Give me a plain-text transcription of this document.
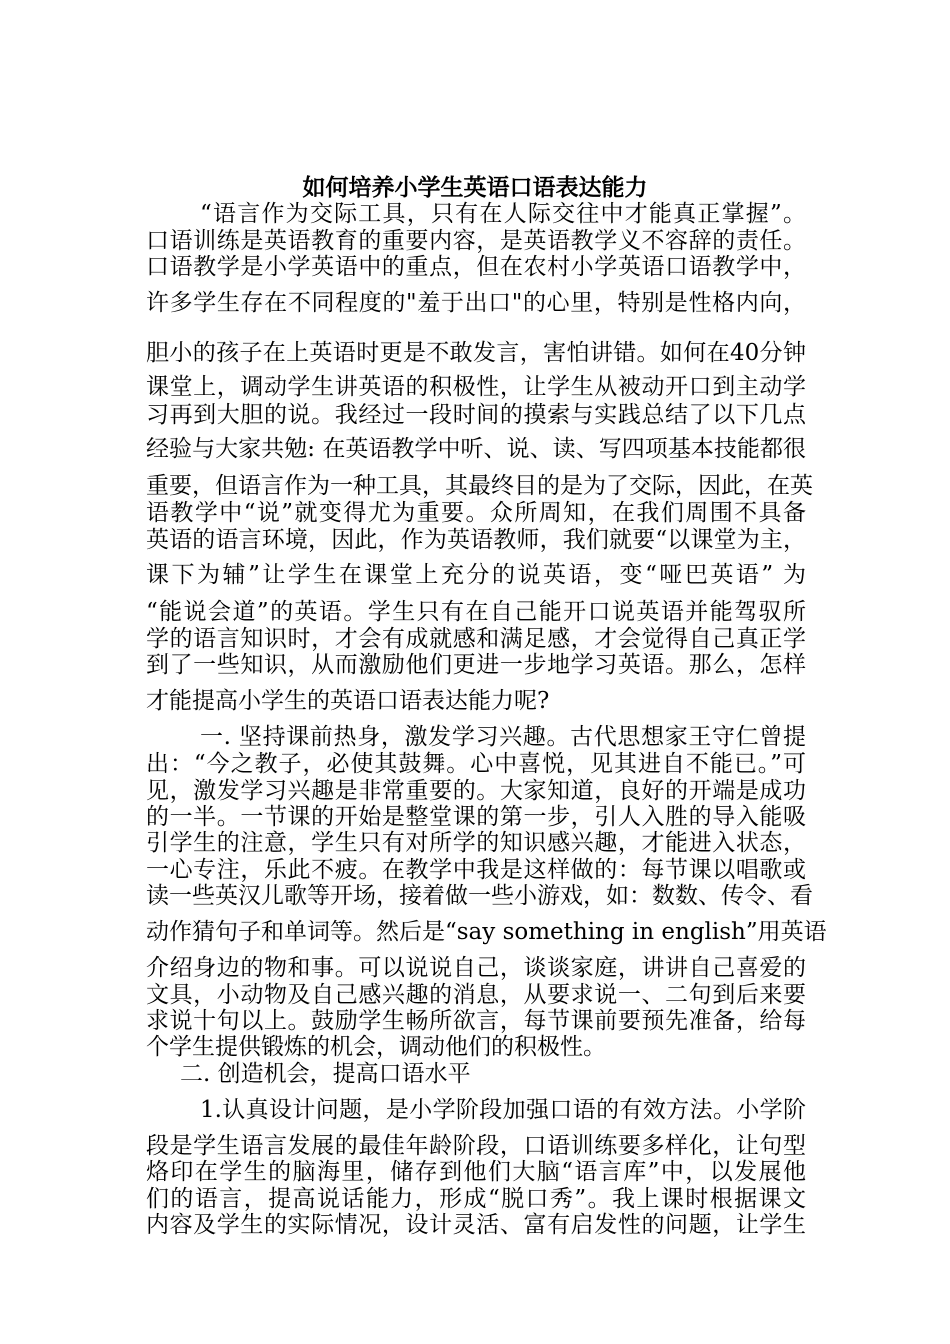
如何培养小学生英语口语表达能力
“语言作为交际工具，只有在人际交往中才能真正掌握”。
口语训练是英语教育的重要内容，是英语教学义不容辞的责任。
口语教学是小学英语中的重点，但在农村小学英语口语教学中，
许多学生存在不同程度的"羞于出口"的心里，特别是性格内向，
胆小的孩子在上英语时更是不敢发言，害怕讲错。如何在40分钟
课堂上，调动学生讲英语的积极性，让学生从被动开口到主动学
习再到大胆的说。我经过一段时间的摸索与实践总结了以下几点
经验与大家共勉: 在英语教学中听、说、读、写四项基本技能都很
重要，但语言作为一种工具，其最终目的是为了交际，因此，在英
语教学中“说”就变得尤为重要。众所周知，在我们周围不具备
英语的语言环境，因此，作为英语教师，我们就要“以课堂为主，
课下为辅”让学生在课堂上充分的说英语，变“哑巴英语” 为
“能说会道”的英语。学生只有在自己能开口说英语并能驾驭所
学的语言知识时，才会有成就感和满足感，才会觉得自己真正学
到了一些知识，从而激励他们更进一步地学习英语。那么，怎样
才能提高小学生的英语口语表达能力呢?
一. 坚持课前热身，激发学习兴趣。古代思想家王守仁曾提
出：“今之教子，必使其鼓舞。心中喜悦，见其进自不能已。”可
见，激发学习兴趣是非常重要的。大家知道，良好的开端是成功
的一半。一节课的开始是整堂课的第一步，引人入胜的导入能吸
引学生的注意，学生只有对所学的知识感兴趣，才能进入状态，
一心专注，乐此不疲。在教学中我是这样做的：每节课以唱歌或
读一些英汉儿歌等开场，接着做一些小游戏，如：数数、传令、看
动作猜句子和单词等。然后是“say something in english”用英语
介绍身边的物和事。可以说说自己，谈谈家庭，讲讲自己喜爱的
文具，小动物及自己感兴趣的消息，从要求说一、二句到后来要
求说十句以上。鼓励学生畅所欲言，每节课前要预先准备，给每
个学生提供锻炼的机会，调动他们的积极性。
二. 创造机会，提高口语水平
1.认真设计问题，是小学阶段加强口语的有效方法。小学阶
段是学生语言发展的最佳年龄阶段，口语训练要多样化，让句型
烙印在学生的脑海里，储存到他们大脑“语言库”中，以发展他
们的语言，提高说话能力，形成“脱口秀”。我上课时根据课文
内容及学生的实际情况，设计灵活、富有启发性的问题，让学生
